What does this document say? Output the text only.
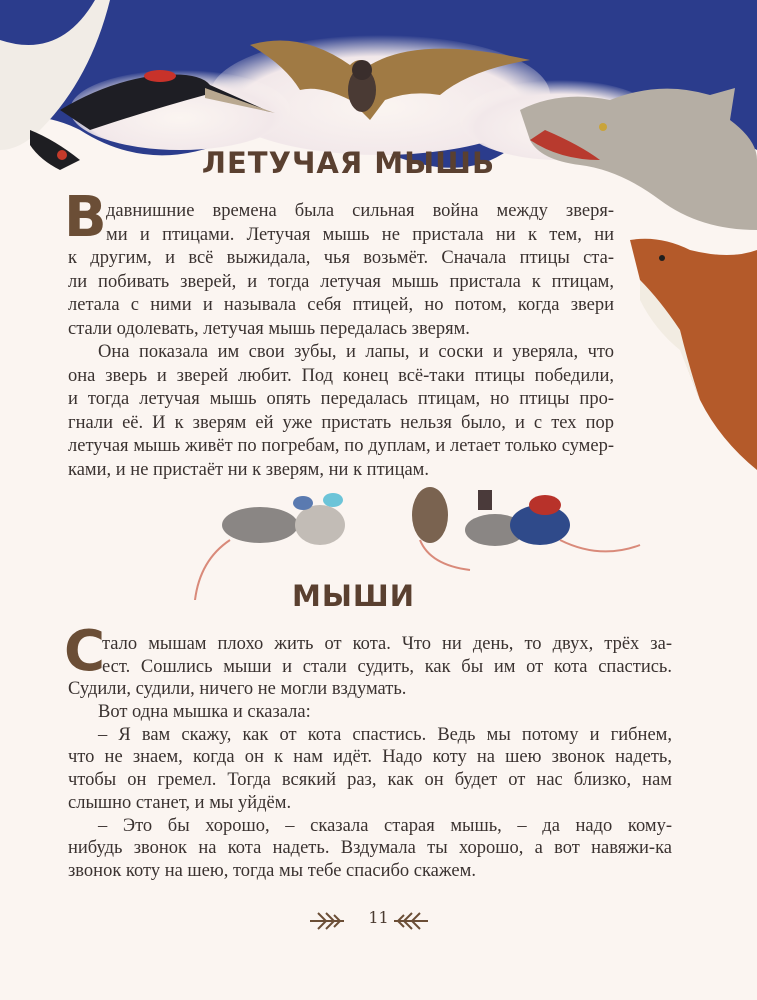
ЛЕТУЧАЯ МЫШЬ
В давнишние времена была сильная война между зверя-
ми и птицами. Летучая мышь не пристала ни к тем, ни
к другим, и всё выжидала, чья возьмёт. Сначала птицы ста-
ли побивать зверей, и тогда летучая мышь пристала к птицам,
летала с ними и называла себя птицей, но потом, когда звери
стали одолевать, летучая мышь передалась зверям.
Она показала им свои зубы, и лапы, и соски и уверяла, что
она зверь и зверей любит. Под конец всё-таки птицы победили,
и тогда летучая мышь опять передалась птицам, но птицы про-
гнали её. И к зверям ей уже пристать нельзя было, и с тех пор
летучая мышь живёт по погребам, по дуплам, и летает только сумер-
ками, и не пристаёт ни к зверям, ни к птицам.
МЫШИ
С
тало мышам плохо жить от кота. Что ни день, то двух, трёх за-
ест. Сошлись мыши и стали судить, как бы им от кота спастись.
Судили, судили, ничего не могли вздумать.
Вот одна мышка и сказала:
– Я вам скажу, как от кота спастись. Ведь мы потому и гибнем,
что не знаем, когда он к нам идёт. Надо коту на шею звонок надеть,
чтобы он гремел. Тогда всякий раз, как он будет от нас близко, нам
слышно станет, и мы уйдём.
– Это бы хорошо, – сказала старая мышь, – да надо кому-
нибудь звонок на кота надеть. Вздумала ты хорошо, а вот навяжи-ка
звонок коту на шею, тогда мы тебе спасибо скажем.
11
